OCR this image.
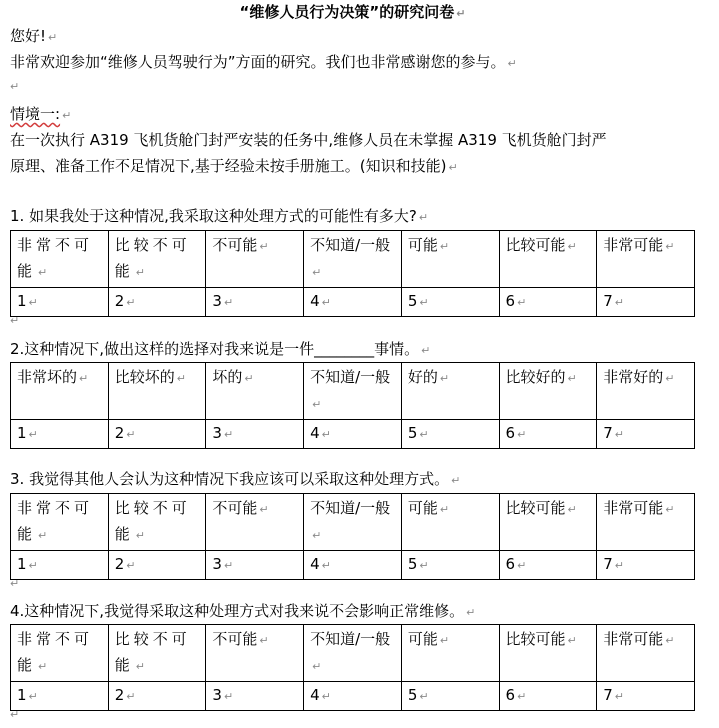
“维修人员行为决策”的研究问卷 ↵
您好! ↵
非常欢迎参加“维修人员驾驶行为”方面的研究。我们也非常感谢您的参与。 ↵
↵
情境一: ↵
在一次执行 A319 飞机货舱门封严安装的任务中,维修人员在未掌握 A319 飞机货舱门封严
原理、准备工作不足情况下,基于经验未按手册施工。(知识和技能) ↵
1. 如果我处于这种情况,我采取这种处理方式的可能性有多大? ↵
非常不可能 ↵	比较不可能 ↵	不可能 ↵	不知道/一般↵	可能 ↵	比较可能 ↵	非常可能 ↵
1 ↵	2 ↵	3 ↵	4 ↵	5 ↵	6 ↵	7 ↵
↵
2.这种情况下,做出这样的选择对我来说是一件________事情。 ↵
非常坏的 ↵	比较坏的 ↵	坏的 ↵	不知道/一般↵	好的 ↵	比较好的 ↵	非常好的 ↵
1 ↵	2 ↵	3 ↵	4 ↵	5 ↵	6 ↵	7 ↵
3. 我觉得其他人会认为这种情况下我应该可以采取这种处理方式。 ↵
非常不可能 ↵	比较不可能 ↵	不可能 ↵	不知道/一般↵	可能 ↵	比较可能 ↵	非常可能 ↵
1 ↵	2 ↵	3 ↵	4 ↵	5 ↵	6 ↵	7 ↵
↵
4.这种情况下,我觉得采取这种处理方式对我来说不会影响正常维修。 ↵
非常不可能 ↵	比较不可能 ↵	不可能 ↵	不知道/一般↵	可能 ↵	比较可能 ↵	非常可能 ↵
1 ↵	2 ↵	3 ↵	4 ↵	5 ↵	6 ↵	7 ↵
↵
